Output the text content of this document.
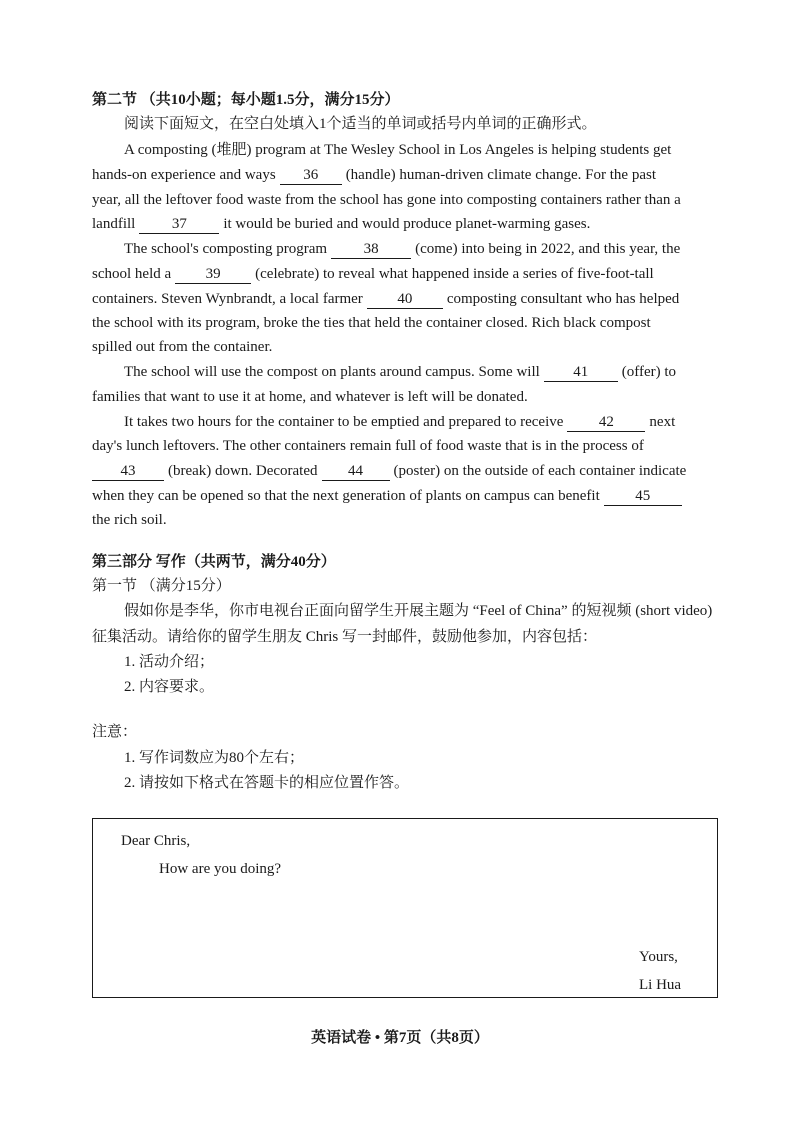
第二节 （共10小题；每小题1.5分，满分15分）
阅读下面短文，在空白处填入1个适当的单词或括号内单词的正确形式。
A composting (堆肥) program at The Wesley School in Los Angeles is helping students get
hands-on experience and ways 36 (handle) human-driven climate change. For the past
year, all the leftover food waste from the school has gone into composting containers rather than a
landfill 37 it would be buried and would produce planet-warming gases.
The school's composting program 38 (come) into being in 2022, and this year, the
school held a 39 (celebrate) to reveal what happened inside a series of five-foot-tall
containers. Steven Wynbrandt, a local farmer 40 composting consultant who has helped
the school with its program, broke the ties that held the container closed. Rich black compost
spilled out from the container.
The school will use the compost on plants around campus. Some will 41 (offer) to
families that want to use it at home, and whatever is left will be donated.
It takes two hours for the container to be emptied and prepared to receive 42 next
day's lunch leftovers. The other containers remain full of food waste that is in the process of
43 (break) down. Decorated 44 (poster) on the outside of each container indicate
when they can be opened so that the next generation of plants on campus can benefit 45
the rich soil.
第三部分 写作（共两节，满分40分）
第一节 （满分15分）
假如你是李华，你市电视台正面向留学生开展主题为 “Feel of China” 的短视频 (short video)
征集活动。请给你的留学生朋友 Chris 写一封邮件，鼓励他参加，内容包括：
1. 活动介绍；
2. 内容要求。
注意：
1. 写作词数应为80个左右；
2. 请按如下格式在答题卡的相应位置作答。
Dear Chris,
How are you doing?
Yours,
Li Hua
英语试卷 • 第7页（共8页）
